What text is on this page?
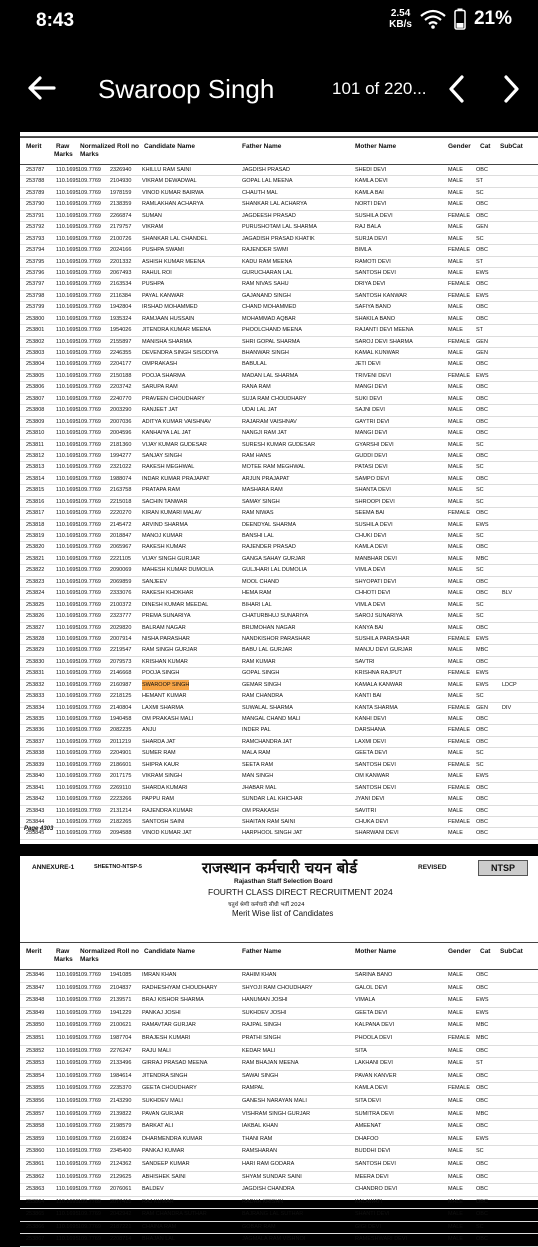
8:43	2.54
KB/s	21%
Swaroop Singh	101 of 220...
Merit Raw
Marks
Normalized
Marks
Roll no Candidate Name	Father Name	Mother Name	Gender Cat SubCat
253787 110.1695 109.7769 2326940 KHILLU RAM SAINI	JAGDISH PRASAD	SHEDI DEVI	MALE OBC
253788 110.1695 109.7769 2104930 VIKRAM DEWADWAL	GOPAL LAL MEENA	KAMLA DEVI	MALE ST
253789 110.1695 109.7769 1978159 VINOD KUMAR BAIRWA	CHAUTH MAL	KAMLA BAI	MALE SC
253790 110.1695 109.7769 2138359 RAMLAKHAN ACHARYA	SHANKAR LAL ACHARYA	NORTI DEVI	MALE OBC
253791 110.1695 109.7769 2266874 SUMAN	JAGDEESH PRASAD	SUSHILA DEVI	FEMALE OBC
253792 110.1695 109.7769 2179757 VIKRAM	PURUSHOTAM LAL SHARMA	RAJ BALA	MALE GEN
253793 110.1695 109.7769 2100726 SHANKAR LAL CHANDEL	JAGADISH PRASAD KHATIK	SURJA DEVI	MALE SC
253794 110.1695 109.7769 2024166 PUSHPA SWAMI	RAJENDER SWMI	BIMLA	FEMALE OBC
253795 110.1695 109.7769 2201332 ASHISH KUMAR MEENA	KADU RAM MEENA	RAMOTI DEVI	MALE ST
253796 110.1695 109.7769 2067493 RAHUL ROI	GURUCHARAN LAL	SANTOSH DEVI	MALE EWS
253797 110.1695 109.7769 2163534 PUSHPA	RAM NIVAS SAHU	DRIYA DEVI	FEMALE OBC
253798 110.1695 109.7769 2116384 PAYAL KANWAR	GAJANAND SINGH	SANTOSH KANWAR	FEMALE EWS
253799 110.1695 109.7769 1942804 IRSHAD MOHAMMED	CHAND MOHAMMED	SAFIYA BANO	MALE OBC
253800 110.1695 109.7769 1935324 RAMJAAN HUSSAIN	MOHAMMAD AQBAR	SHAKILA BANO	MALE OBC
253801 110.1695 109.7769 1954026 JITENDRA KUMAR MEENA	PHOOLCHAND MEENA	RAJANTI DEVI MEENA	MALE ST
253802 110.1695 109.7769 2155897 MANISHA SHARMA	SHRI GOPAL SHARMA	SAROJ DEVI SHARMA	FEMALE GEN
253803 110.1695 109.7769 2246355 DEVENDRA SINGH SISODIYA	BHANWAR SINGH	KAMAL KUNWAR	MALE GEN
253804 110.1695 109.7769 2204177 OMPRAKASH	BABULAL	JETI DEVI	MALE OBC
253805 110.1695 109.7769 2150188 POOJA SHARMA	MADAN LAL SHARMA	TRIVENI DEVI	FEMALE EWS
253806 110.1695 109.7769 2203742 SARUPA RAM	RANA RAM	MANGI DEVI	MALE OBC
253807 110.1695 109.7769 2240770 PRAVEEN CHOUDHARY	SUJA RAM CHOUDHARY	SUKI DEVI	MALE OBC
253808 110.1695 109.7769 2003290 RANJEET JAT	UDAI LAL JAT	SAJNI DEVI	MALE OBC
253809 110.1695 109.7769 2007036 ADITYA KUMAR VAISHNAV	RAJARAM VAISHNAV	GAYTRI DEVI	MALE OBC
253810 110.1695 109.7769 2004596 KANHAIYA LAL JAT	NANGJI RAM JAT	MANGI DEVI	MALE OBC
253811 110.1695 109.7769 2181360 VIJAY KUMAR GUDESAR	SURESH KUMAR GUDESAR	GYARSHI DEVI	MALE SC
253812 110.1695 109.7769 1994277 SANJAY SINGH	RAM HANS	GUDDI DEVI	MALE OBC
253813 110.1695 109.7769 2321022 RAKESH MEGHWAL	MOTEE RAM MEGHWAL	PATASI DEVI	MALE SC
253814 110.1695 109.7769 1988074 INDAR KUMAR PRAJAPAT	ARJUN PRAJAPAT	SAMPO DEVI	MALE OBC
253815 110.1695 109.7769 2163758 PRATAPA RAM	MASHARA RAM	SHANTA DEVI	MALE SC
253816 110.1695 109.7769 2215018 SACHIN TANWAR	SAMAY SINGH	SHROOPI DEVI	MALE SC
253817 110.1695 109.7769 2220270 KIRAN KUMARI MALAV	RAM NIWAS	SEEMA BAI	FEMALE OBC
253818 110.1695 109.7769 2145472 ARVIND SHARMA	DEENDYAL SHARMA	SUSHILA DEVI	MALE EWS
253819 110.1695 109.7769 2018847 MANOJ KUMAR	BANSHI LAL	CHUKI DEVI	MALE SC
253820 110.1695 109.7769 2065967 RAKESH KUMAR	RAJENDER PRASAD	KAMLA DEVI	MALE OBC
253821 110.1695 109.7769 2221105 VIJAY SINGH GURJAR	GANGA SAHAY GURJAR	MANBHAR DEVI	MALE MBC
253822 110.1695 109.7769 2090069 MAHESH KUMAR DUMOLIA	GULJHARI LAL DUMOLIA	VIMLA DEVI	MALE SC
253823 110.1695 109.7769 2069859 SANJEEV	MOOL CHAND	SHYOPATI DEVI	MALE OBC
253824 110.1695 109.7769 2333076 RAKESH KHOKHAR	HEMA RAM	CHHOTI DEVI	MALE OBC	BLV
253825 110.1695 109.7769 2100372 DINESH KUMAR MEEDAL	BIHARI LAL	VIMLA DEVI	MALE SC
253826 110.1695 109.7769 2323777 PREMA SUNARIYA	CHATURBHUJ SUNARIYA	SAROJ SUNARIYA	MALE SC
253827 110.1695 109.7769 2029820 BALRAM NAGAR	BRIJMOHAN NAGAR	KANYA BAI	MALE OBC
253828 110.1695 109.7769 2007914 NISHA PARASHAR	NANDKISHOR PARASHAR	SUSHILA PARASHAR	FEMALE EWS
253829 110.1695 109.7769 2219547 RAM SINGH GURJAR	BABU LAL GURJAR	MANJU DEVI GURJAR	MALE MBC
253830 110.1695 109.7769 2079573 KRISHAN KUMAR	RAM KUMAR	SAVTRI	MALE OBC
253831 110.1695 109.7769 2146668 POOJA SINGH	GOPAL SINGH	KRISHNA RAJPUT	FEMALE EWS
253832 110.1695 109.7769 2160987 SWAROOP SINGH	GEMAR SINGH	KAMALA KANWAR	MALE EWS LDCP
253833 110.1695 109.7769 2218125 HEMANT KUMAR	RAM CHANDRA	KANTI BAI	MALE SC
253834 110.1695 109.7769 2140804 LAXMI SHARMA	SUWALAL SHARMA	KANTA SHARMA	FEMALE GEN	DIV
253835 110.1695 109.7769 1940458 OM PRAKASH MALI	MANGAL CHAND MALI	KANHI DEVI	MALE OBC
253836 110.1695 109.7769 2082235 ANJU	INDER PAL	DARSHANA	FEMALE OBC
253837 110.1695 109.7769 2011219 SHARDA JAT	RAMCHANDRA JAT	LAXMI DEVI	FEMALE OBC
253838 110.1695 109.7769 2204901 SUMER RAM	MALA RAM	GEETA DEVI	MALE SC
253839 110.1695 109.7769 2186601 SHIPRA KAUR	SEETA RAM	SANTOSH DEVI	FEMALE SC
253840 110.1695 109.7769 2017175 VIKRAM SINGH	MAN SINGH	OM KANWAR	MALE EWS
253841 110.1695 109.7769 2269110 SHARDA KUMARI	JHABAR MAL	SANTOSH DEVI	FEMALE OBC
253842 110.1695 109.7769 2223266 PAPPU RAM	SUNDAR LAL KHICHAR	JYANI DEVI	MALE OBC
253843 110.1695 109.7769 2131214 RAJENDRA KUMAR	OM PRAKASH	SAVITRI	MALE OBC
253844 110.1695 109.7769 2182265 SANTOSH SAINI	SHAITAN RAM SAINI	CHUKA DEVI	FEMALE OBC
253845 110.1695 109.7769 2094588 VINOD KUMAR JAT	HARPHOOL SINGH JAT	SHARWANI DEVI	MALE OBC
Page 4303
ANNEXURE-1	SHEETNO-NTSP-5	राजस्थान कर्मचारी चयन बोर्ड
Rajasthan Staff Selection Board
FOURTH CLASS DIRECT RECRUITMENT 2024
चतुर्थ श्रेणी कर्मचारी सीधी भर्ती 2024
Merit Wise list of Candidates
REVISED	NTSP
Merit Raw
Marks
Normalized
Marks
Roll no Candidate Name	Father Name	Mother Name	Gender Cat SubCat
253846 110.1695 109.7769 1941085 IMRAN KHAN	RAHIM KHAN	SARINA BANO	MALE OBC
253847 110.1695 109.7769 2104837 RADHESHYAM CHOUDHARY	SHYOJI RAM CHOUDHARY	GALOL DEVI	MALE OBC
253848 110.1695 109.7769 2139571 BRAJ KISHOR SHARMA	HANUMAN JOSHI	VIMALA	MALE EWS
253849 110.1695 109.7769 1941229 PANKAJ JOSHI	SUKHDEV JOSHI	GEETA DEVI	MALE EWS
253850 110.1695 109.7769 2100621 RAMAVTAR GURJAR	RAJPAL SINGH	KALPANA DEVI	MALE MBC
253851 110.1695 109.7769 1987704 BRAJESH KUMARI	PRATHI SINGH	PHOOLA DEVI	FEMALE MBC
253852 110.1695 109.7769 2276247 RAJU MALI	KEDAR MALI	SITA	MALE OBC
253853 110.1695 109.7769 2133496 GIRRAJ PRASAD MEENA	RAM BHAJAN MEENA	LAKHANI DEVI	MALE ST
253854 110.1695 109.7769 1984614 JITENDRA SINGH	SAWAI SINGH	PAVAN KANVER	MALE OBC
253855 110.1695 109.7769 2235370 GEETA CHOUDHARY	RAMPAL	KAMLA DEVI	FEMALE OBC
253856 110.1695 109.7769 2143290 SUKHDEV MALI	GANESH NARAYAN MALI	SITA DEVI	MALE OBC
253857 110.1695 109.7769 2139822 PAVAN GURJAR	VISHRAM SINGH GURJAR	SUMITRA DEVI	MALE MBC
253858 110.1695 109.7769 2198579 BARKAT ALI	IAKBAL KHAN	AMEENAT	MALE OBC
253859 110.1695 109.7769 2160824 DHARMENDRA KUMAR	THANI RAM	DHAFOO	MALE EWS
253860 110.1695 109.7769 2345400 PANKAJ KUMAR	RAMSHARAN	BUDDHI DEVI	MALE SC
253861 110.1695 109.7769 2124362 SANDEEP KUMAR	HARI RAM GODARA	SANTOSH DEVI	MALE OBC
253862 110.1695 109.7769 2129625 ABHISHEK SAINI	SHYAM SUNDAR SAINI	MEERA DEVI	MALE OBC
253863 110.1695 109.7769 2076061 BALDEV	JAGDISH CHANDRA	CHANDRO DEVI	MALE OBC
253864 110.1695 109.7769 2077415 RAJ KUMAR	RADHA KRISHN	KALAWATI	MALE OBC
253865 110.1695 109.7769 2042942 RAM CHANDRA SUTHAR	BAJRANG LAL SUTHAR	SHANTI DEVI	MALE OBC
253866 110.1695 109.7769 2187221 CHAINA RAM	GOBAR RAM	GIGI DEVI	MALE SC
253867 110.1695 109.7769 2208714 BHAJAN LAL	JAGMALA RAM VISHNOI	RAMESHWARI DEVI	MALE OBC
